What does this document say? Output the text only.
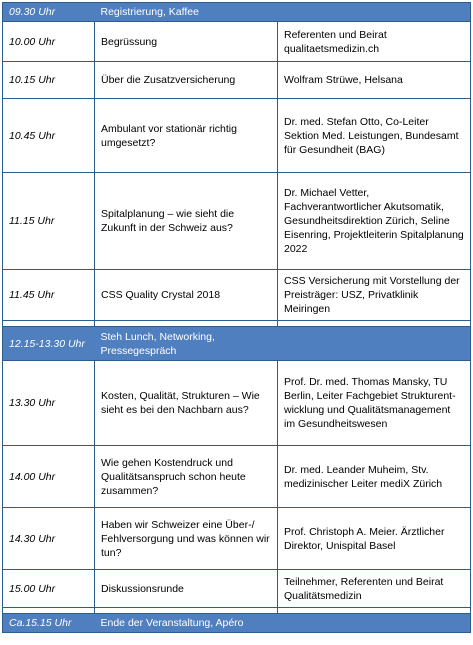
09.30 Uhr	Registrierung, Kaffee	
10.00 Uhr	Begrüssung	Referenten und Beirat qualitaetsmedizin.ch
10.15 Uhr	Über die Zusatzversicherung	Wolfram Strüwe, Helsana
10.45 Uhr	Ambulant vor stationär richtig umgesetzt?	Dr. med. Stefan Otto, Co-Leiter Sektion Med. Leistungen, Bundesamt für Gesundheit (BAG)
11.15 Uhr	Spitalplanung – wie sieht die Zukunft in der Schweiz aus?	Dr. Michael Vetter, Fachverantwortlicher Akutsomatik, Gesundheitsdirektion Zürich, Seline Eisenring, Projektleiterin Spitalplanung 2022
11.45 Uhr	CSS Quality Crystal 2018	CSS Versicherung mit Vorstellung der Preisträger: USZ, Privatklinik Meiringen

12.15-13.30 Uhr	Steh Lunch, Networking, Pressegespräch	

13.30 Uhr	Kosten, Qualität, Strukturen – Wie sieht es bei den Nachbarn aus?	Prof. Dr. med. Thomas Mansky, TU Berlin, Leiter Fachgebiet Strukturent-wicklung und Qualitätsmanagement im Gesundheitswesen
14.00 Uhr	Wie gehen Kostendruck und Qualitätsanspruch schon heute zusammen?	Dr. med. Leander Muheim, Stv. medizinischer Leiter mediX Zürich
14.30 Uhr	Haben wir Schweizer eine Über-/ Fehlversorgung und was können wir tun?	Prof. Christoph A. Meier. Ärztlicher Direktor, Unispital Basel
15.00 Uhr	Diskussionsrunde	Teilnehmer, Referenten und Beirat Qualitätsmedizin

Ca.15.15 Uhr	Ende der Veranstaltung, Apéro	
